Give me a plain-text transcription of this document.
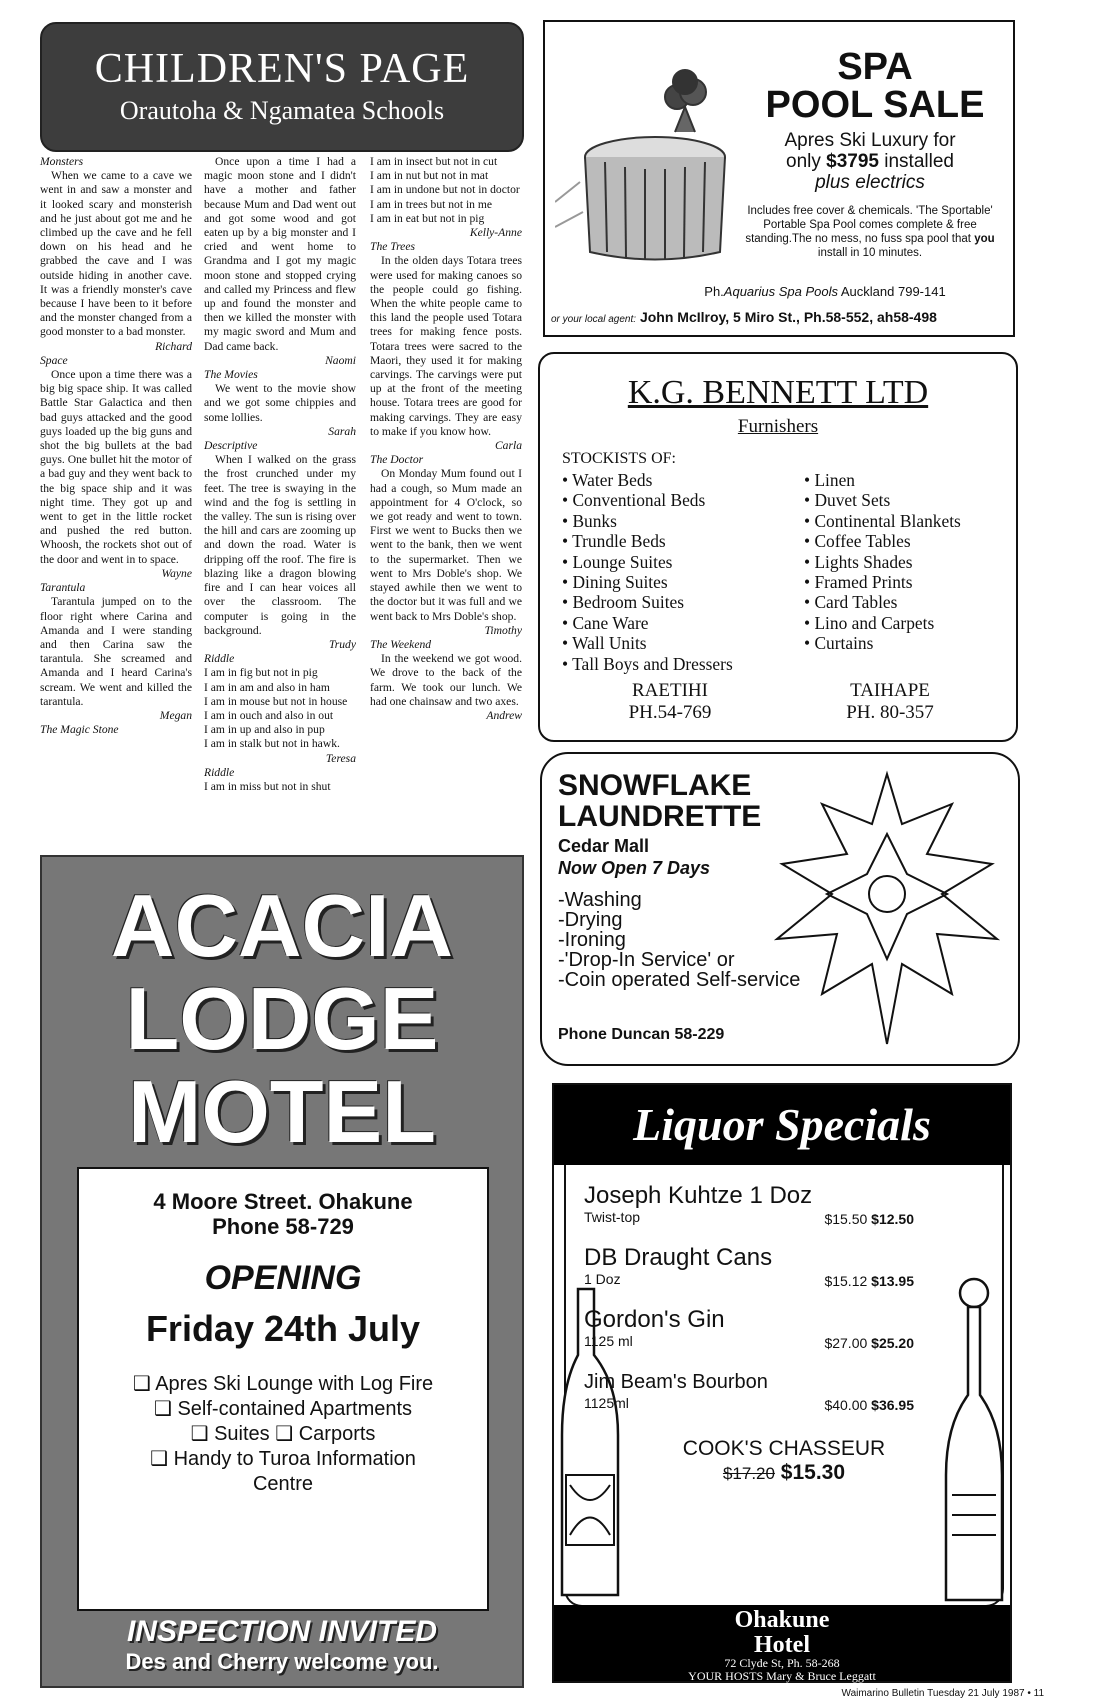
CHILDREN'S PAGE
Orautoha & Ngamatea Schools
Monsters
When we came to a cave we went in and saw a monster and it looked scary and monsterish and he just about got me and he climbed up the cave and he fell down on his head and he grabbed the cave and I was outside hiding in another cave. It was a friendly monster's cave because I have been to it before and the monster changed from a good monster to a bad monster.
Richard
Space
Once upon a time there was a big big space ship. It was called Battle Star Galactica and then bad guys attacked and the good guys loaded up the big guns and shot the big bullets at the bad guys. One bullet hit the motor of a bad guy and they went back to the big space ship and it was night time. They got up and went to get in the little rocket and pushed the red button. Whoosh, the rockets shot out of the door and went in to space.
Wayne
Tarantula
Tarantula jumped on to the floor right where Carina and Amanda and I were standing and then Carina saw the tarantula. She screamed and Amanda and I heard Carina's scream. We went and killed the tarantula.
Megan
The Magic Stone
Once upon a time I had a magic moon stone and I didn't have a mother and father because Mum and Dad went out and got some wood and got eaten up by a big monster and I cried and went home to Grandma and I got my magic moon stone and stopped crying and called my Princess and flew up and found the monster and then we killed the monster with my magic sword and Mum and Dad came back.
Naomi
The Movies
We went to the movie show and we got some chippies and some lollies.
Sarah
Descriptive
When I walked on the grass the frost crunched under my feet. The tree is swaying in the wind and the fog is settling in the valley. The sun is rising over the hill and cars are zooming up and down the road. Water is dripping off the roof. The fire is blazing like a dragon blowing fire and I can hear voices all over the classroom. The computer is going in the background.
Trudy
Riddle
I am in fig but not in pig
I am in am and also in ham
I am in mouse but not in house
I am in ouch and also in out
I am in up and also in pup
I am in stalk but not in hawk.
Teresa
Riddle
I am in miss but not in shut
I am in insect but not in cut
I am in nut but not in mat
I am in undone but not in doctor
I am in trees but not in me
I am in eat but not in pig
Kelly-Anne
The Trees
In the olden days Totara trees were used for making canoes so the people could go fishing. When the white people came to this land the people used Totara trees for making fence posts. Totara trees were sacred to the Maori, they used it for making carvings. The carvings were put up at the front of the meeting house. Totara trees are good for making carvings. They are easy to make if you know how.
Carla
The Doctor
On Monday Mum found out I had a cough, so Mum made an appointment for 4 O'clock, so we got ready and went to town. First we went to Bucks then we went to the bank, then we went to the supermarket. Then we went to Mrs Doble's shop. We stayed awhile then we went to the doctor but it was full and we went back to Mrs Doble's shop.
Timothy
The Weekend
In the weekend we got wood. We drove to the back of the farm. We took our lunch. We had one chainsaw and two axes.
Andrew
SPA
POOL SALE
Apres Ski Luxury for
only $3795 installed
plus electrics
Includes free cover & chemicals. 'The Sportable' Portable Spa Pool comes complete & free standing.The no mess, no fuss spa pool that you install in 10 minutes.
Ph.Aquarius Spa Pools Auckland 799-141
or your local agent: John McIlroy, 5 Miro St., Ph.58-552, ah58-498
K.G. BENNETT LTD
Furnishers
STOCKISTS OF:
• Water Beds
• Conventional Beds
• Bunks
• Trundle Beds
• Lounge Suites
• Dining Suites
• Bedroom Suites
• Cane Ware
• Wall Units
• Tall Boys and Dressers
• Linen
• Duvet Sets
• Continental Blankets
• Coffee Tables
• Lights Shades
• Framed Prints
• Card Tables
• Lino and Carpets
• Curtains
RAETIHI
PH.54-769
TAIHAPE
PH. 80-357
SNOWFLAKE
LAUNDRETTE
Cedar Mall
Now Open 7 Days
-Washing
-Drying
-Ironing
-'Drop-In Service' or
-Coin operated Self-service
Phone Duncan 58-229
ACACIA
LODGE
MOTEL
4 Moore Street. Ohakune
Phone 58-729
OPENING
Friday 24th July
❑ Apres Ski Lounge with Log Fire
❑ Self-contained Apartments
❑ Suites ❑ Carports
❑ Handy to Turoa Information
Centre
INSPECTION INVITED
Des and Cherry welcome you.
Liquor Specials
Joseph Kuhtze 1 Doz
Twist-top	$15.50 $12.50
DB Draught Cans
1 Doz	$15.12 $13.95
Gordon's Gin
1125 ml	$27.00 $25.20
Jim Beam's Bourbon
1125ml	$40.00 $36.95
COOK'S CHASSEUR
$17.20 $15.30
Ohakune
Hotel
72 Clyde St, Ph. 58-268
YOUR HOSTS Mary & Bruce Leggatt
Waimarino Bulletin Tuesday 21 July 1987 • 11
